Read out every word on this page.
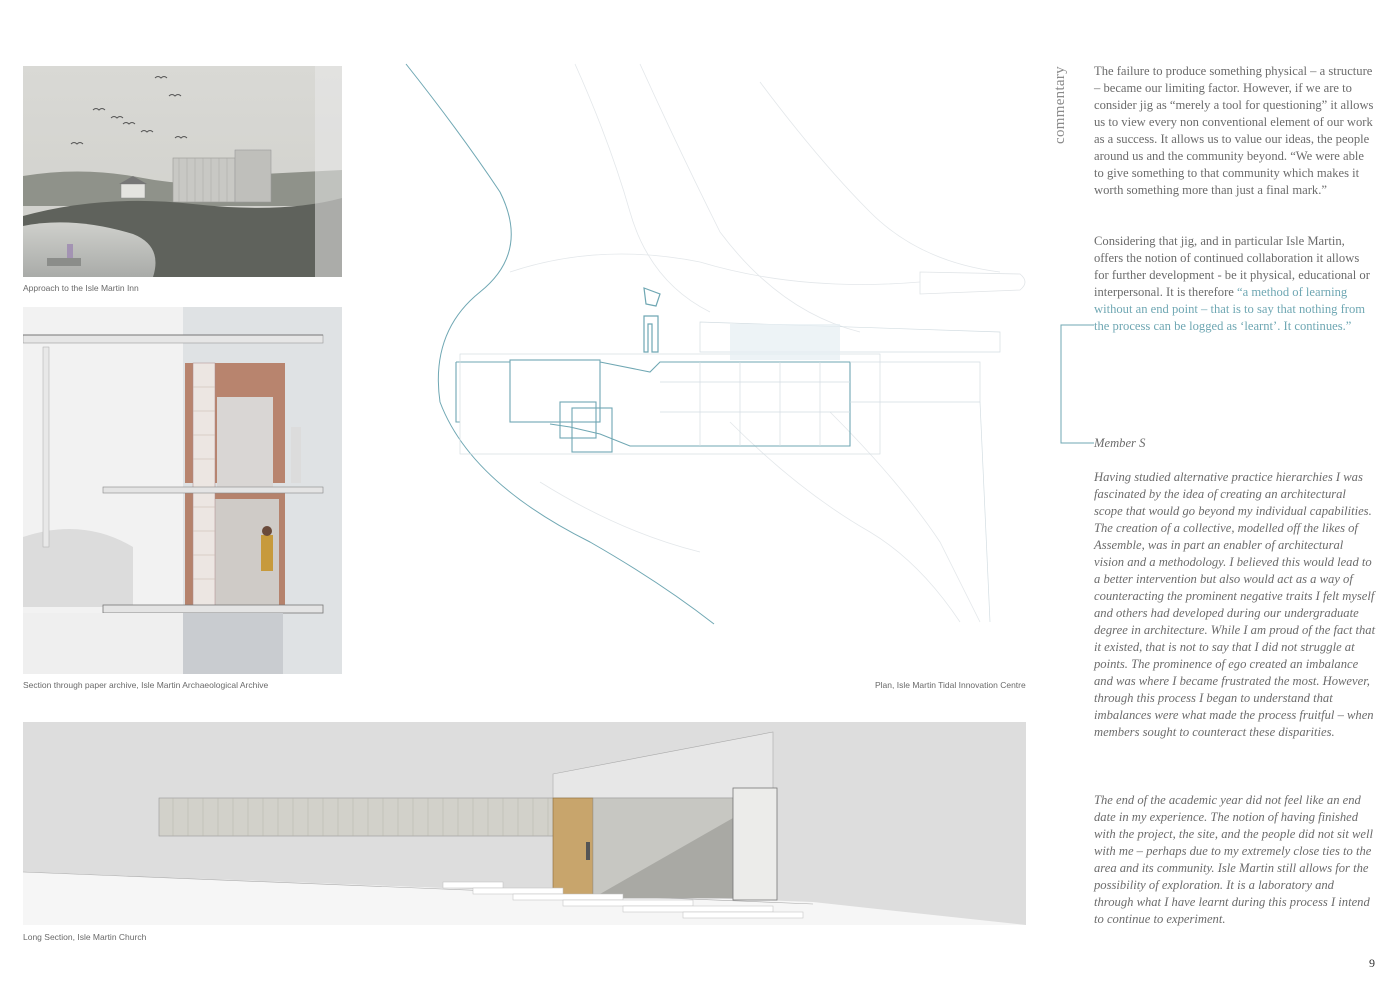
Approach to the Isle Martin Inn
Section through paper archive, Isle Martin Archaeological Archive	Plan, Isle Martin Tidal Innovation Centre
Long Section, Isle Martin Church
commentary The failure to produce something physical – a structure – became our limiting factor. However, if we are to consider jig as “merely a tool for questioning” it allows us to view every non conventional element of our work as a success. It allows us to value our ideas, the people around us and the community beyond. “We were able to give something to that community which makes it worth something more than just a final mark.”

Considering that jig, and in particular Isle Martin, offers the notion of continued collaboration it allows for further development - be it physical, educational or interpersonal. It is therefore “a method of learning without an end point – that is to say that nothing from the process can be logged as ‘learnt’. It continues.”

Member S

Having studied alternative practice hierarchies I was fascinated by the idea of creating an architectural scope that would go beyond my individual capabilities. The creation of a collective, modelled off the likes of Assemble, was in part an enabler of architectural vision and a methodology. I believed this would lead to a better intervention but also would act as a way of counteracting the prominent negative traits I felt myself and others had developed during our undergraduate degree in architecture. While I am proud of the fact that it existed, that is not to say that I did not struggle at points. The prominence of ego created an imbalance and was where I became frustrated the most. However, through this process I began to understand that imbalances were what made the process fruitful – when members sought to counteract these disparities.

The end of the academic year did not feel like an end date in my experience. The notion of having finished with the project, the site, and the people did not sit well with me – perhaps due to my extremely close ties to the area and its community. Isle Martin still allows for the possibility of exploration. It is a laboratory and through what I have learnt during this process I intend to continue to experiment.

9
